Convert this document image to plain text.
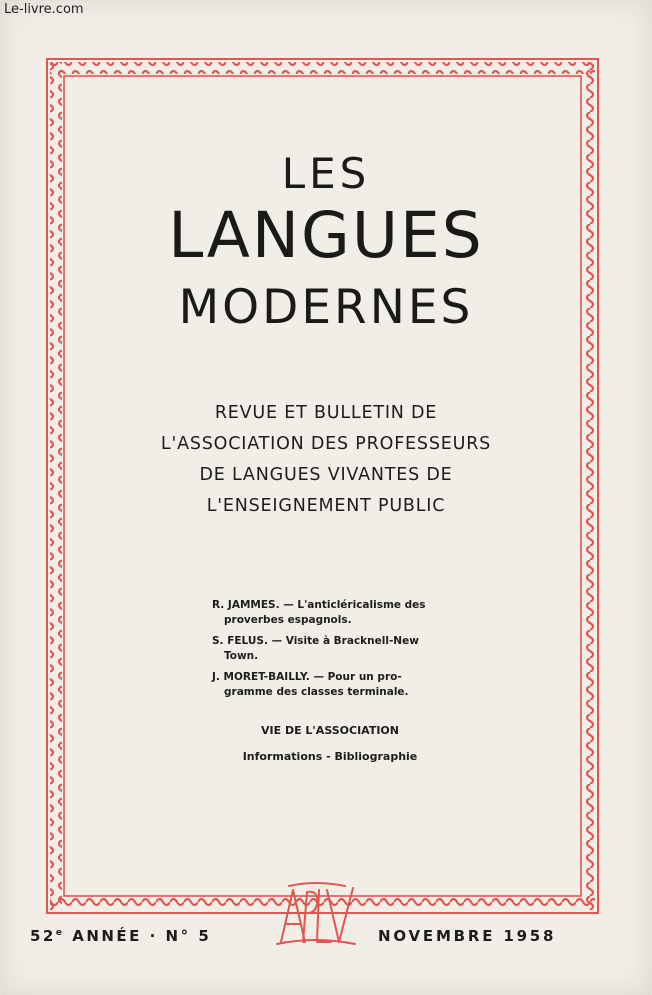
Le-livre.com
LES
LANGUES
MODERNES
REVUE ET BULLETIN DE
L'ASSOCIATION DES PROFESSEURS
DE LANGUES VIVANTES DE
L'ENSEIGNEMENT PUBLIC
R. JAMMES. — L'anticléricalisme des
proverbes espagnols.
S. FELUS. — Visite à Bracknell-New
Town.
J. MORET-BAILLY. — Pour un pro-
gramme des classes terminale.
VIE DE L'ASSOCIATION
Informations - Bibliographie
52e ANNÉE · N° 5	NOVEMBRE 1958
